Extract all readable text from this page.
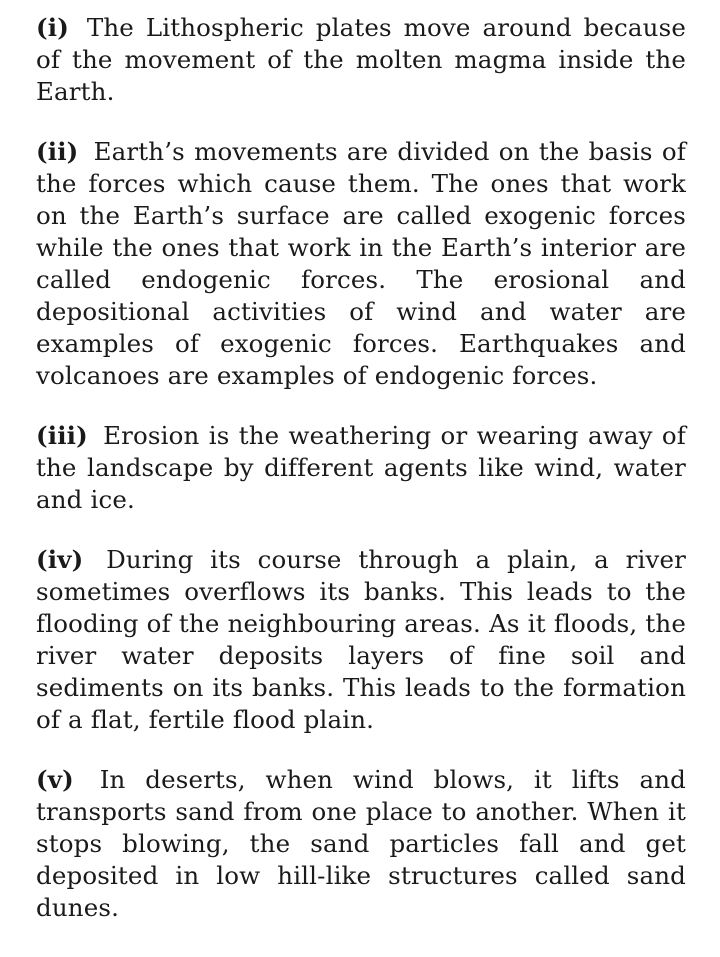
(i) The Lithospheric plates move around because of the movement of the molten magma inside the Earth.

(ii) Earth’s movements are divided on the basis of the forces which cause them. The ones that work on the Earth’s surface are called exogenic forces while the ones that work in the Earth’s interior are called endogenic forces. The erosional and depositional activities of wind and water are examples of exogenic forces. Earthquakes and volcanoes are examples of endogenic forces.

(iii) Erosion is the weathering or wearing away of the landscape by different agents like wind, water and ice.

(iv) During its course through a plain, a river sometimes overflows its banks. This leads to the flooding of the neighbouring areas. As it floods, the river water deposits layers of fine soil and sediments on its banks. This leads to the formation of a flat, fertile flood plain.

(v) In deserts, when wind blows, it lifts and transports sand from one place to another. When it stops blowing, the sand particles fall and get deposited in low hill-like structures called sand dunes.
